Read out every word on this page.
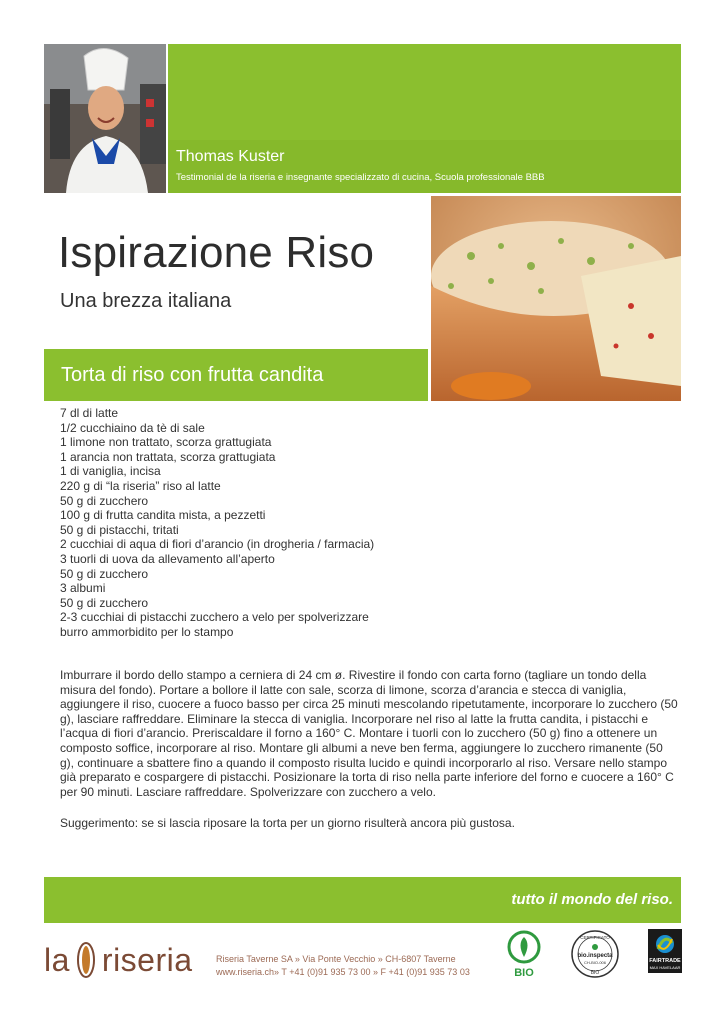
Thomas Kuster
Testimonial de la riseria e insegnante specializzato di cucina, Scuola professionale BBB
Ispirazione Riso
Una brezza italiana
Torta di riso con frutta candita
7 dl di latte
1/2 cucchiaino da tè di sale
1 limone non trattato, scorza grattugiata
1 arancia non trattata, scorza grattugiata
1 di vaniglia, incisa
220 g di “la riseria” riso al latte
50 g di zucchero
100 g di frutta candita mista, a pezzetti
50 g di pistacchi, tritati
2 cucchiai di aqua di fiori d’arancio (in drogheria / farmacia)
3 tuorli di uova da allevamento all’aperto
50 g di zucchero
3 albumi
50 g di zucchero
2-3 cucchiai di pistacchi zucchero a velo per spolverizzare
burro ammorbidito per lo stampo

Imburrare il bordo dello stampo a cerniera di 24 cm ø. Rivestire il fondo con carta forno (tagliare un tondo della misura del fondo). Portare a bollore il latte con sale, scorza di limone, scorza d’arancia e stecca di vaniglia, aggiungere il riso, cuocere a fuoco basso per circa 25 minuti mescolando ripetutamente, incorporare lo zucchero (50 g), lasciare raffreddare. Eliminare la stecca di vaniglia. Incorporare nel riso al latte la frutta candita, i pistacchi e l’acqua di fiori d’arancio. Preriscaldare il forno a 160° C. Montare i tuorli con lo zucchero (50 g) fino a ottenere un composto soffice, incorporare al riso. Montare gli albumi a neve ben ferma, aggiungere lo zucchero rimanente (50 g), continuare a sbattere fino a quando il composto risulta lucido e quindi incorporarlo al riso. Versare nello stampo già preparato e cospargere di pistacchi. Posizionare la torta di riso nella parte inferiore del forno e cuocere a 160° C per 90 minuti. Lasciare raffreddare. Spolverizzare con zucchero a velo.

Suggerimento: se si lascia riposare la torta per un giorno risulterà ancora più gustosa.

tutto il mondo del riso.
la riseria	Riseria Taverne SA » Via Ponte Vecchio » CH-6807 Taverne
www.riseria.ch» T +41 (0)91 935 73 00 » F +41 (0)91 935 73 03	BIO
CERTIFICATO
bio.inspecta
CH-BIO-006
BIO
FAIRTRADE
MAX HAVELAAR
